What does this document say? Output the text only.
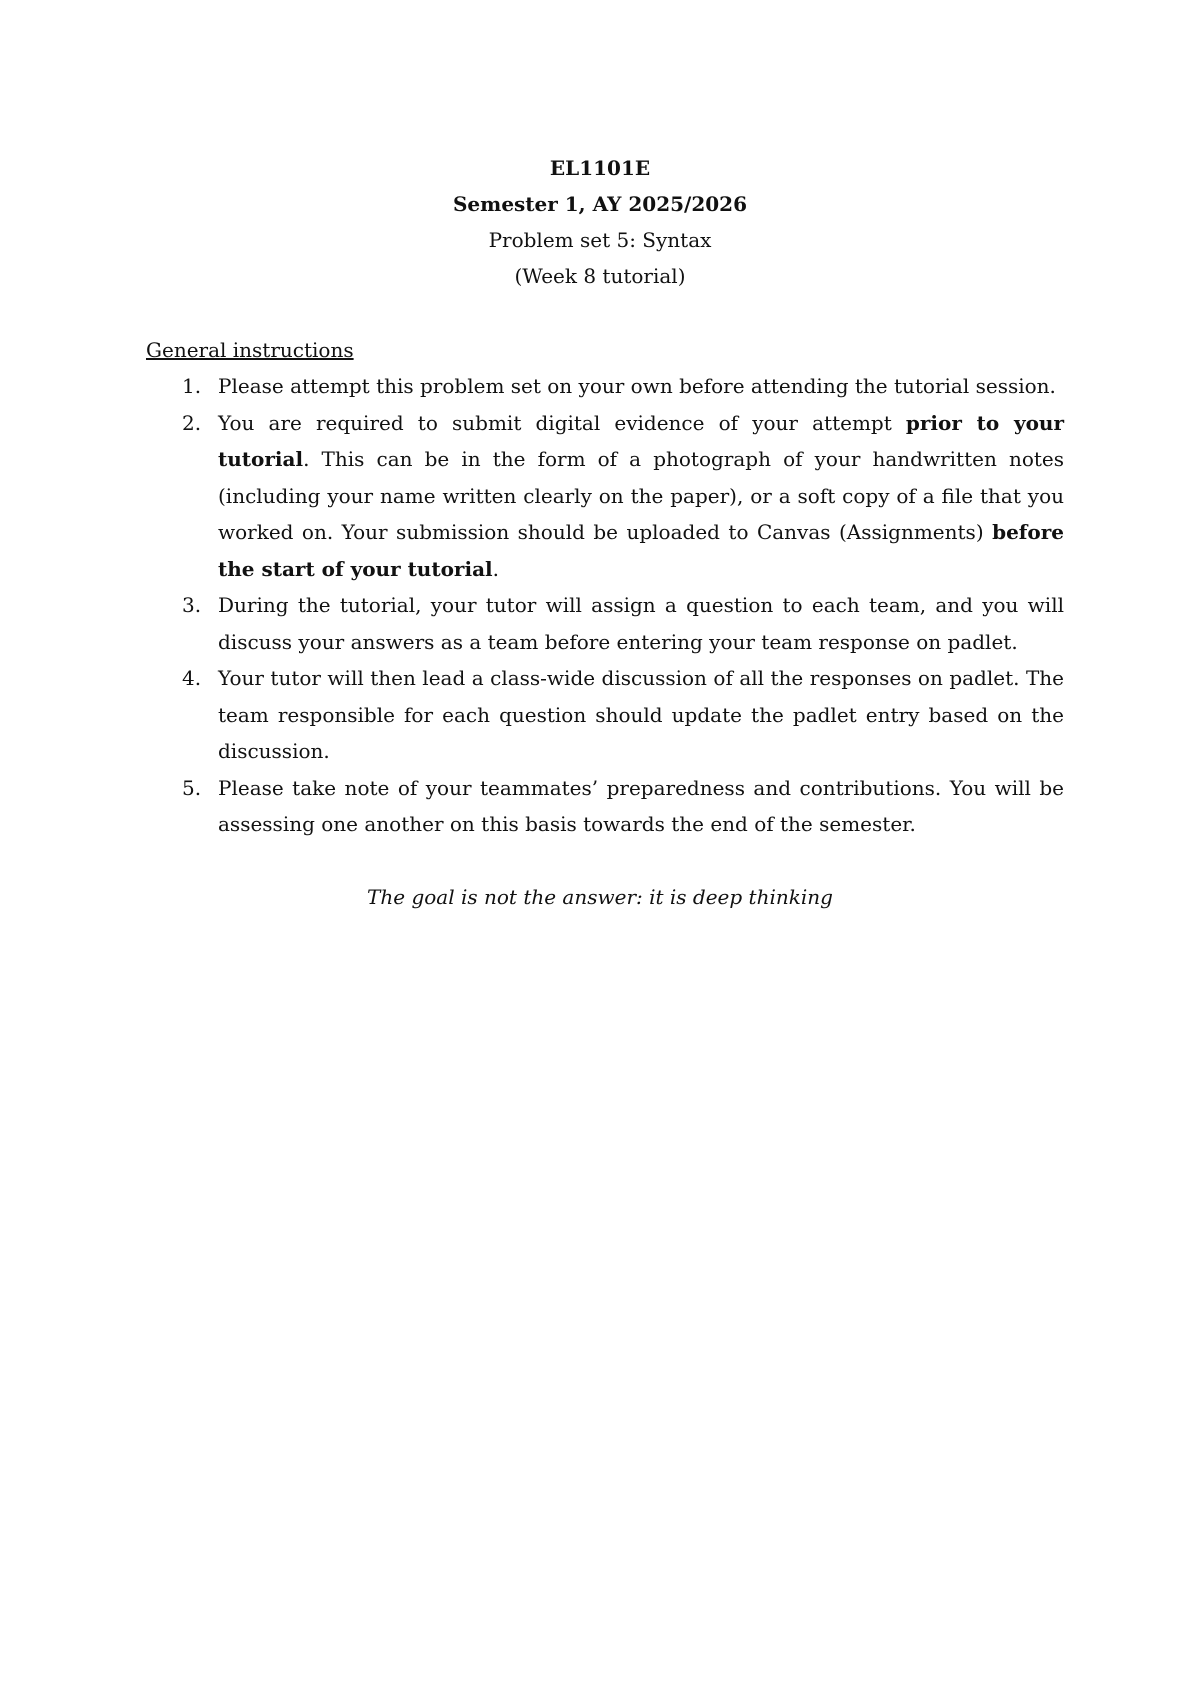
EL1101E
Semester 1, AY 2025/2026
Problem set 5: Syntax
(Week 8 tutorial)
General instructions
1. Please attempt this problem set on your own before attending the tutorial session.
2. You are required to submit digital evidence of your attempt prior to your tutorial. This can be in the form of a photograph of your handwritten notes (including your name written clearly on the paper), or a soft copy of a file that you worked on. Your submission should be uploaded to Canvas (Assignments) before the start of your tutorial.
3. During the tutorial, your tutor will assign a question to each team, and you will discuss your answers as a team before entering your team response on padlet.
4. Your tutor will then lead a class-wide discussion of all the responses on padlet. The team responsible for each question should update the padlet entry based on the discussion.
5. Please take note of your teammates’ preparedness and contributions. You will be assessing one another on this basis towards the end of the semester.
The goal is not the answer: it is deep thinking
